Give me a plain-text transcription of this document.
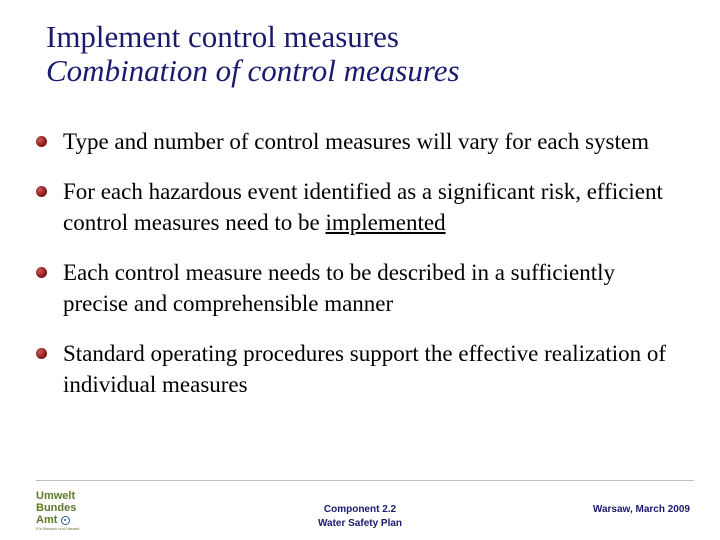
Implement control measures
Combination of control measures
Type and number of control measures will vary for each system
For each hazardous event identified as a significant risk, efficient control measures need to be implemented
Each control measure needs to be described in a sufficiently precise and comprehensible manner
Standard operating procedures support the effective realization of individual measures
Umwelt
Bundes
Amt
Für Mensch und Umwelt
Component 2.2
Water Safety Plan
Warsaw, March 2009
